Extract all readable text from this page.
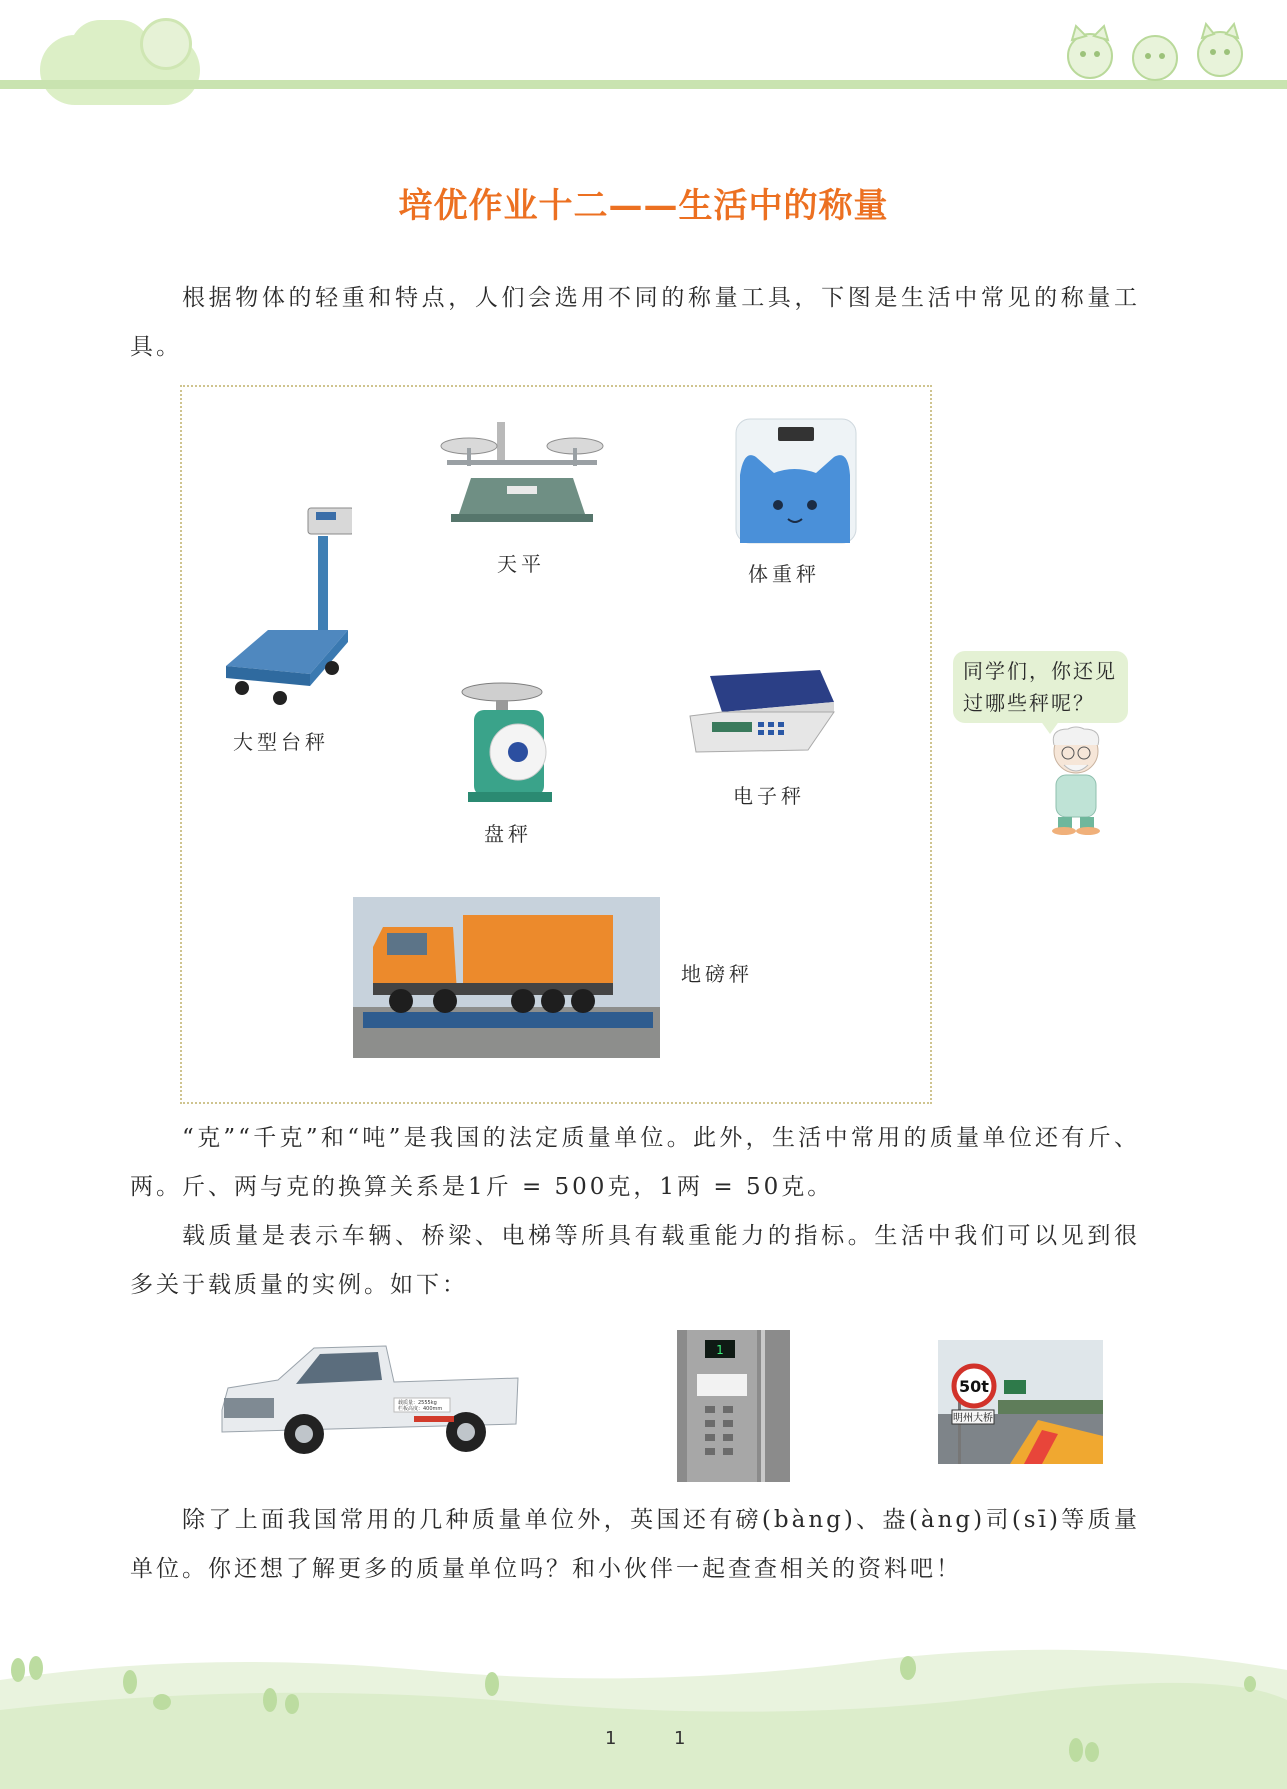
培优作业十二——生活中的称量
根据物体的轻重和特点，人们会选用不同的称量工具，下图是生活中常见的称量工具。
天平	体重秤
大型台秤
盘秤
电子秤
地磅秤
同学们，你还见过哪些秤呢？
“克”“千克”和“吨”是我国的法定质量单位。此外，生活中常用的质量单位还有斤、两。斤、两与克的换算关系是1斤 = 500克，1两 = 50克。
载质量是表示车辆、桥梁、电梯等所具有载重能力的指标。生活中我们可以见到很多关于载质量的实例。如下：
载质量：2555kg
栏板高度：400mm
1
50t
明州大桥
除了上面我国常用的几种质量单位外，英国还有磅(bàng)、盎(àng)司(sī)等质量单位。你还想了解更多的质量单位吗？和小伙伴一起查查相关的资料吧！
1	1
